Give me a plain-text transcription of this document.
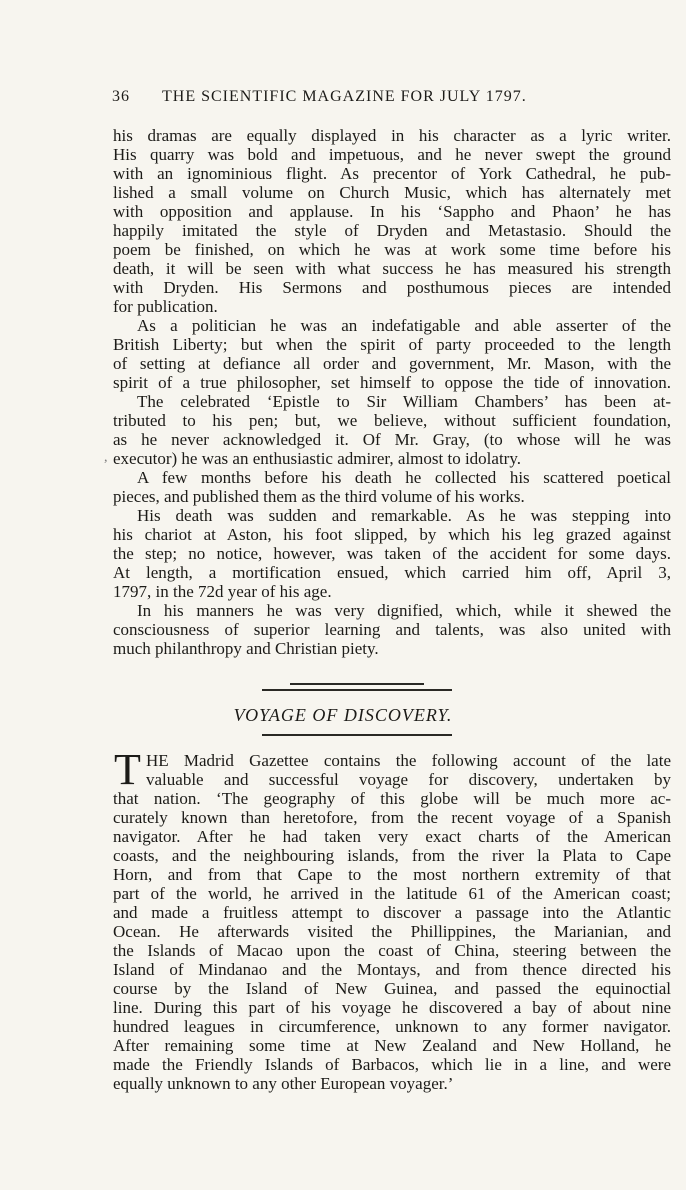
36 THE SCIENTIFIC MAGAZINE FOR JULY 1797.
his dramas are equally displayed in his character as a lyric writer.
His quarry was bold and impetuous, and he never swept the ground
with an ignominious flight. As precentor of York Cathedral, he pub-
lished a small volume on Church Music, which has alternately met
with opposition and applause. In his ‘Sappho and Phaon’ he has
happily imitated the style of Dryden and Metastasio. Should the
poem be finished, on which he was at work some time before his
death, it will be seen with what success he has measured his strength
with Dryden. His Sermons and posthumous pieces are intended
for publication.
As a politician he was an indefatigable and able asserter of the
British Liberty; but when the spirit of party proceeded to the length
of setting at defiance all order and government, Mr. Mason, with the
spirit of a true philosopher, set himself to oppose the tide of innovation.
The celebrated ‘Epistle to Sir William Chambers’ has been at-
tributed to his pen; but, we believe, without sufficient foundation,
as he never acknowledged it. Of Mr. Gray, (to whose will he was
executor) he was an enthusiastic admirer, almost to idolatry.
A few months before his death he collected his scattered poetical
pieces, and published them as the third volume of his works.
His death was sudden and remarkable. As he was stepping into
his chariot at Aston, his foot slipped, by which his leg grazed against
the step; no notice, however, was taken of the accident for some days.
At length, a mortification ensued, which carried him off, April 3,
1797, in the 72d year of his age.
In his manners he was very dignified, which, while it shewed the
consciousness of superior learning and talents, was also united with
much philanthropy and Christian piety.
VOYAGE OF DISCOVERY.
T HE Madrid Gazettee contains the following account of the late
valuable and successful voyage for discovery, undertaken by
that nation. ‘The geography of this globe will be much more ac-
curately known than heretofore, from the recent voyage of a Spanish
navigator. After he had taken very exact charts of the American
coasts, and the neighbouring islands, from the river la Plata to Cape
Horn, and from that Cape to the most northern extremity of that
part of the world, he arrived in the latitude 61 of the American coast;
and made a fruitless attempt to discover a passage into the Atlantic
Ocean. He afterwards visited the Phillippines, the Marianian, and
the Islands of Macao upon the coast of China, steering between the
Island of Mindanao and the Montays, and from thence directed his
course by the Island of New Guinea, and passed the equinoctial
line. During this part of his voyage he discovered a bay of about nine
hundred leagues in circumference, unknown to any former navigator.
After remaining some time at New Zealand and New Holland, he
made the Friendly Islands of Barbacos, which lie in a line, and were
equally unknown to any other European voyager.’
,
